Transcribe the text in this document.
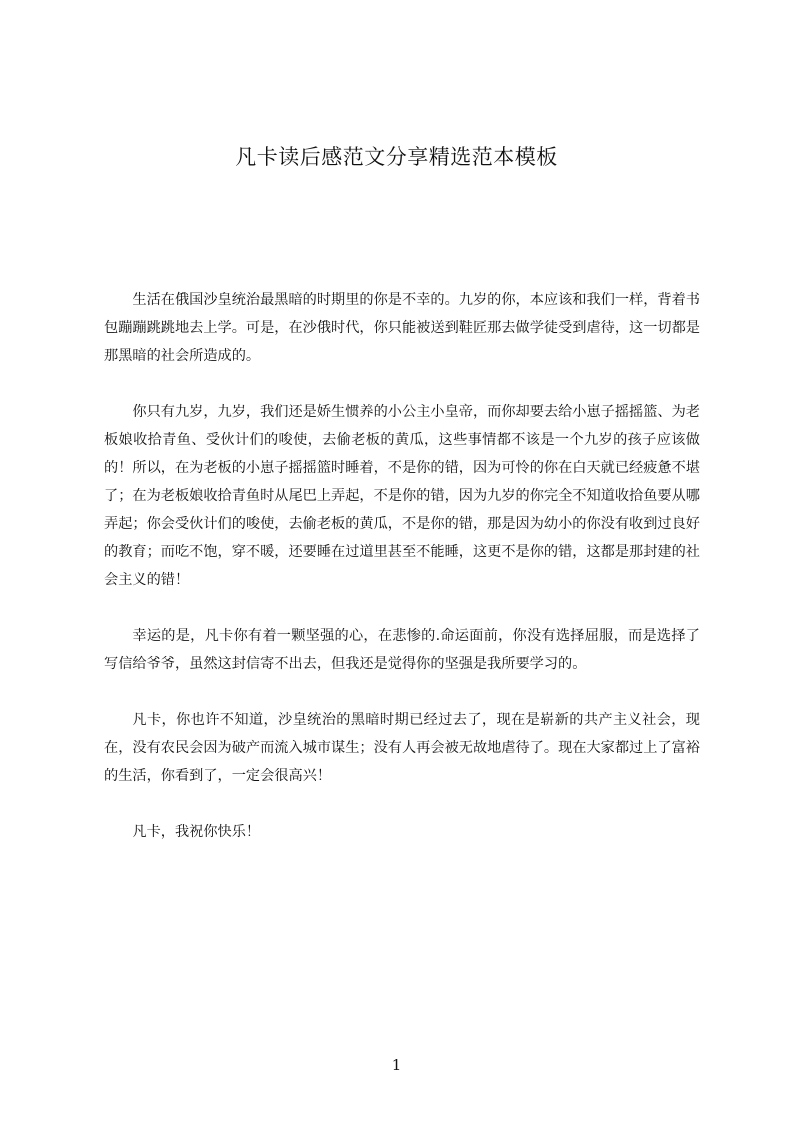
凡卡读后感范文分享精选范本模板

生活在俄国沙皇统治最黑暗的时期里的你是不幸的。九岁的你，本应该和我们一样，背着书包蹦蹦跳跳地去上学。可是，在沙俄时代，你只能被送到鞋匠那去做学徒受到虐待，这一切都是那黑暗的社会所造成的。

你只有九岁，九岁，我们还是娇生惯养的小公主小皇帝，而你却要去给小崽子摇摇篮、为老板娘收拾青鱼、受伙计们的唆使，去偷老板的黄瓜，这些事情都不该是一个九岁的孩子应该做的！所以，在为老板的小崽子摇摇篮时睡着，不是你的错，因为可怜的你在白天就已经疲惫不堪了；在为老板娘收拾青鱼时从尾巴上弄起，不是你的错，因为九岁的你完全不知道收拾鱼要从哪弄起；你会受伙计们的唆使，去偷老板的黄瓜，不是你的错，那是因为幼小的你没有收到过良好的教育；而吃不饱，穿不暖，还要睡在过道里甚至不能睡，这更不是你的错，这都是那封建的社会主义的错！

幸运的是，凡卡你有着一颗坚强的心，在悲惨的.命运面前，你没有选择屈服，而是选择了写信给爷爷，虽然这封信寄不出去，但我还是觉得你的坚强是我所要学习的。

凡卡，你也许不知道，沙皇统治的黑暗时期已经过去了，现在是崭新的共产主义社会，现在，没有农民会因为破产而流入城市谋生；没有人再会被无故地虐待了。现在大家都过上了富裕的生活，你看到了，一定会很高兴！

凡卡，我祝你快乐！

1
